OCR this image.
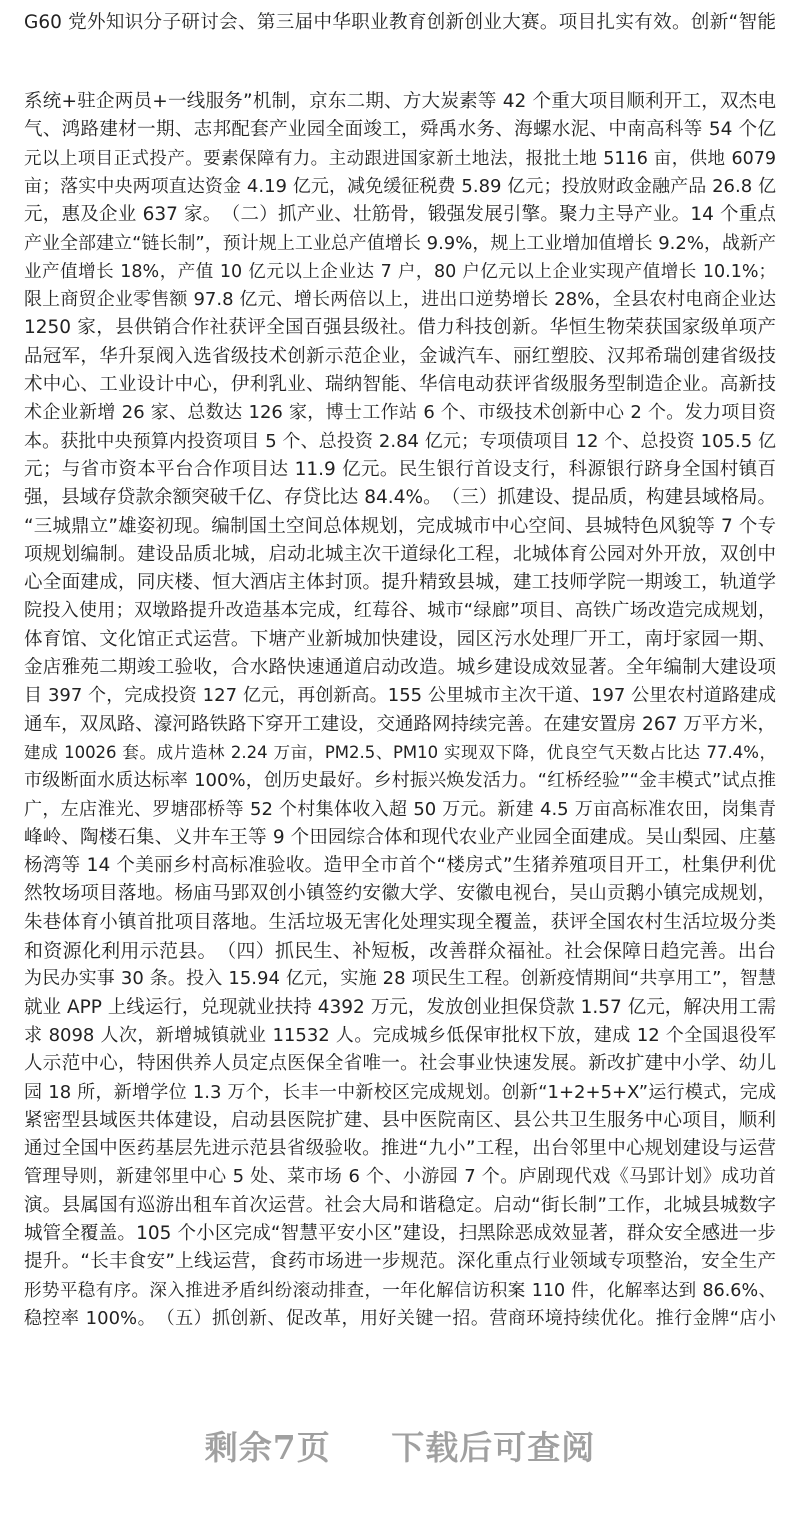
G60 党外知识分子研讨会、第三届中华职业教育创新创业大赛。项目扎实有效。创新“智能
系统+驻企两员+一线服务”机制，京东二期、方大炭素等 42 个重大项目顺利开工，双杰电
气、鸿路建材一期、志邦配套产业园全面竣工，舜禹水务、海螺水泥、中南高科等 54 个亿
元以上项目正式投产。要素保障有力。主动跟进国家新土地法，报批土地 5116 亩，供地 6079
亩；落实中央两项直达资金 4.19 亿元，减免缓征税费 5.89 亿元；投放财政金融产品 26.8 亿
元，惠及企业 637 家。　（二）抓产业、壮筋骨，锻强发展引擎。聚力主导产业。14 个重点
产业全部建立“链长制”，预计规上工业总产值增长 9.9%，规上工业增加值增长 9.2%，战新产
业产值增长 18%，产值 10 亿元以上企业达 7 户，80 户亿元以上企业实现产值增长 10.1%；
限上商贸企业零售额 97.8 亿元、增长两倍以上，进出口逆势增长 28%，全县农村电商企业达
1250 家，县供销合作社获评全国百强县级社。借力科技创新。华恒生物荣获国家级单项产
品冠军，华升泵阀入选省级技术创新示范企业，金诚汽车、丽红塑胶、汉邦希瑞创建省级技
术中心、工业设计中心，伊利乳业、瑞纳智能、华信电动获评省级服务型制造企业。高新技
术企业新增 26 家、总数达 126 家，博士工作站 6 个、市级技术创新中心 2 个。发力项目资
本。获批中央预算内投资项目 5 个、总投资 2.84 亿元；专项债项目 12 个、总投资 105.5 亿
元；与省市资本平台合作项目达 11.9 亿元。民生银行首设支行，科源银行跻身全国村镇百
强，县域存贷款余额突破千亿、存贷比达 84.4%。　（三）抓建设、提品质，构建县域格局。
“三城鼎立”雄姿初现。编制国土空间总体规划，完成城市中心空间、县城特色风貌等 7 个专
项规划编制。建设品质北城，启动北城主次干道绿化工程，北城体育公园对外开放，双创中
心全面建成，同庆楼、恒大酒店主体封顶。提升精致县城，建工技师学院一期竣工，轨道学
院投入使用；双墩路提升改造基本完成，红莓谷、城市“绿廊”项目、高铁广场改造完成规划，
体育馆、文化馆正式运营。下塘产业新城加快建设，园区污水处理厂开工，南圩家园一期、
金店雅苑二期竣工验收，合水路快速通道启动改造。城乡建设成效显著。全年编制大建设项
目 397 个，完成投资 127 亿元，再创新高。155 公里城市主次干道、197 公里农村道路建成
通车，双凤路、濠河路铁路下穿开工建设，交通路网持续完善。在建安置房 267 万平方米，
建成 10026 套。成片造林 2.24 万亩，PM2.5、PM10 实现双下降，优良空气天数占比达 77.4%，
市级断面水质达标率 100%，创历史最好。乡村振兴焕发活力。“红桥经验”“金丰模式”试点推
广，左店淮光、罗塘邵桥等 52 个村集体收入超 50 万元。新建 4.5 万亩高标准农田，岗集青
峰岭、陶楼石集、义井车王等 9 个田园综合体和现代农业产业园全面建成。吴山梨园、庄墓
杨湾等 14 个美丽乡村高标准验收。造甲全市首个“楼房式”生猪养殖项目开工，杜集伊利优
然牧场项目落地。杨庙马郢双创小镇签约安徽大学、安徽电视台，吴山贡鹅小镇完成规划，
朱巷体育小镇首批项目落地。生活垃圾无害化处理实现全覆盖，获评全国农村生活垃圾分类
和资源化利用示范县。　（四）抓民生、补短板，改善群众福祉。社会保障日趋完善。出台
为民办实事 30 条。投入 15.94 亿元，实施 28 项民生工程。创新疫情期间“共享用工”，智慧
就业 APP 上线运行，兑现就业扶持 4392 万元，发放创业担保贷款 1.57 亿元，解决用工需
求 8098 人次，新增城镇就业 11532 人。完成城乡低保审批权下放，建成 12 个全国退役军
人示范中心，特困供养人员定点医保全省唯一。社会事业快速发展。新改扩建中小学、幼儿
园 18 所，新增学位 1.3 万个，长丰一中新校区完成规划。创新“1+2+5+X”运行模式，完成
紧密型县域医共体建设，启动县医院扩建、县中医院南区、县公共卫生服务中心项目，顺利
通过全国中医药基层先进示范县省级验收。推进“九小”工程，出台邻里中心规划建设与运营
管理导则，新建邻里中心 5 处、菜市场 6 个、小游园 7 个。庐剧现代戏《马郢计划》成功首
演。县属国有巡游出租车首次运营。社会大局和谐稳定。启动“街长制”工作，北城县城数字
城管全覆盖。105 个小区完成“智慧平安小区”建设，扫黑除恶成效显著，群众安全感进一步
提升。“长丰食安”上线运营，食药市场进一步规范。深化重点行业领域专项整治，安全生产
形势平稳有序。深入推进矛盾纠纷滚动排查，一年化解信访积案 110 件，化解率达到 86.6%、
稳控率 100%。　（五）抓创新、促改革，用好关键一招。营商环境持续优化。推行金牌“店小
剩余7页 下载后可查阅
